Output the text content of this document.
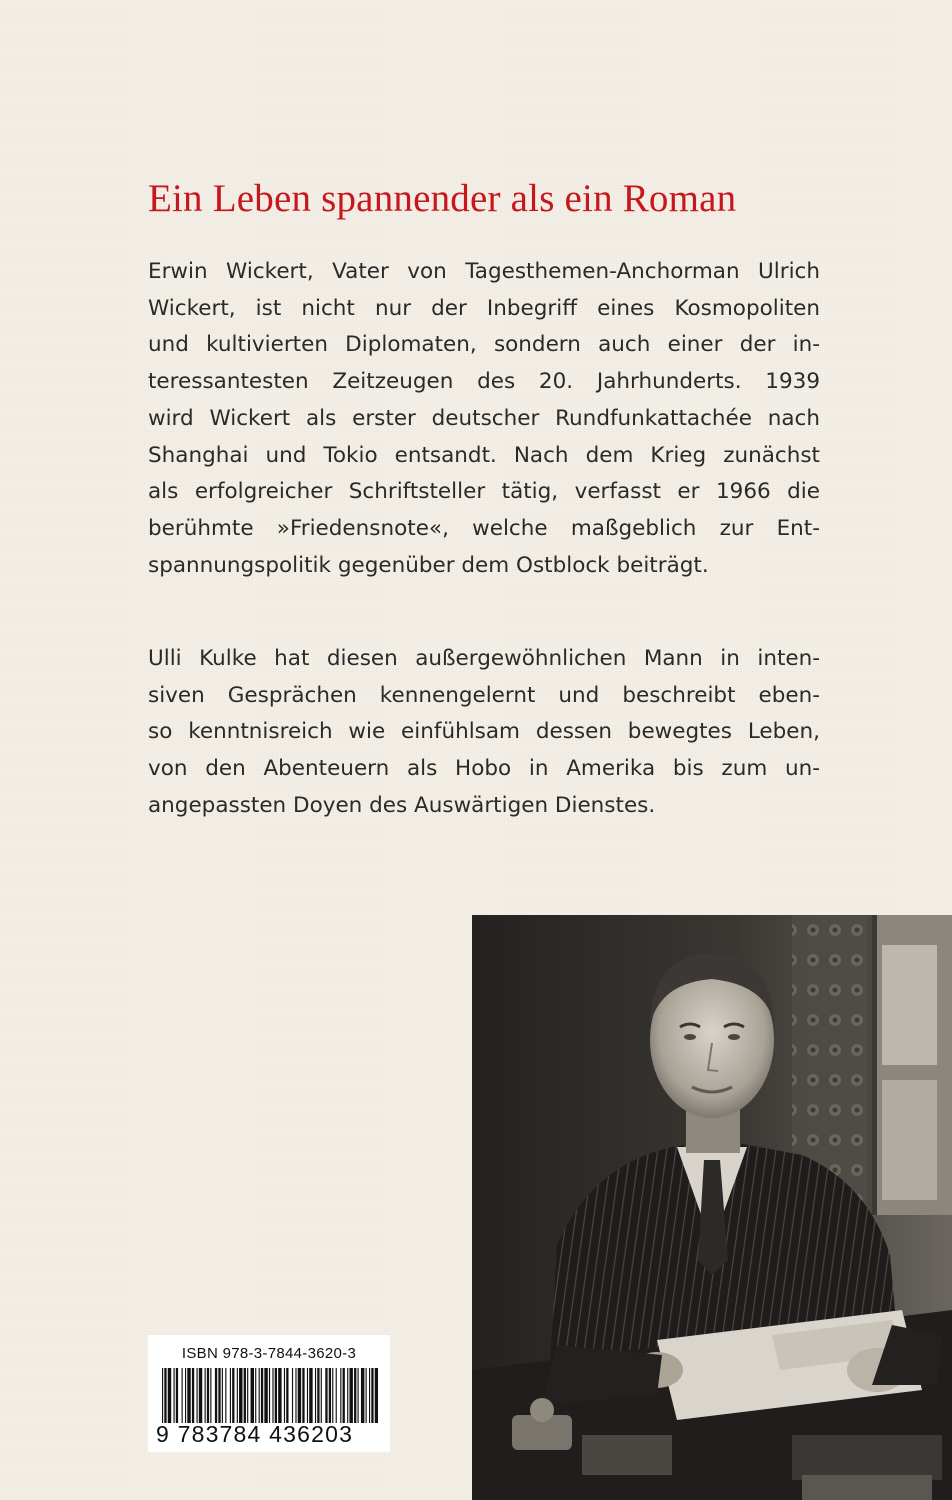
Ein Leben spannender als ein Roman
Erwin Wickert, Vater von Tagesthemen-Anchorman Ulrich
Wickert, ist nicht nur der Inbegriff eines Kosmopoliten
und kultivierten Diplomaten, sondern auch einer der in-
teressantesten Zeitzeugen des 20. Jahrhunderts. 1939
wird Wickert als erster deutscher Rundfunkattachée nach
Shanghai und Tokio entsandt. Nach dem Krieg zunächst
als erfolgreicher Schriftsteller tätig, verfasst er 1966 die
berühmte »Friedensnote«, welche maßgeblich zur Ent-
spannungspolitik gegenüber dem Ostblock beiträgt.
Ulli Kulke hat diesen außergewöhnlichen Mann in inten-
siven Gesprächen kennengelernt und beschreibt eben-
so kenntnisreich wie einfühlsam dessen bewegtes Leben,
von den Abenteuern als Hobo in Amerika bis zum un-
angepassten Doyen des Auswärtigen Dienstes.
ISBN 978-3-7844-3620-3
9 783784 436203
